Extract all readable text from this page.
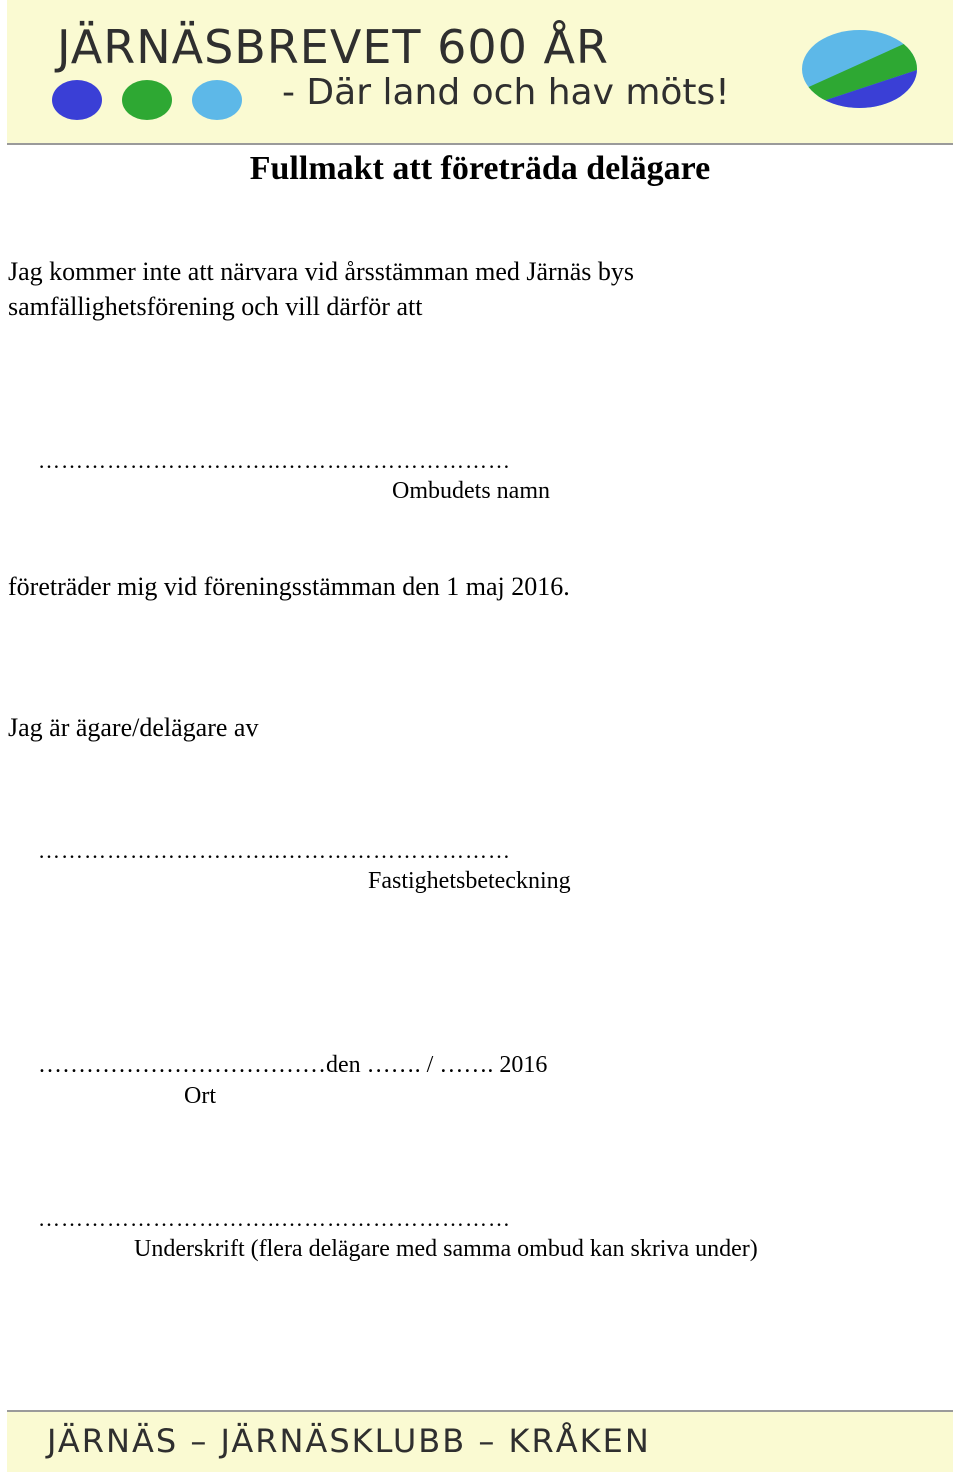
JÄRNÄSBREVET 600 ÅR
- Där land och hav möts!
Fullmakt att företräda delägare
Jag kommer inte att närvara vid årsstämman med Järnäs bys
samfällighetsförening och vill därför att
…………………………..…………………………
Ombudets namn
företräder mig vid föreningsstämman den 1 maj 2016.
Jag är ägare/delägare av
…………………………..…………………………
Fastighetsbeteckning
………………………………den ……. / ……. 2016
Ort
…………………………..…………………………
Underskrift (flera delägare med samma ombud kan skriva under)
JÄRNÄS – JÄRNÄSKLUBB – KRÅKEN
